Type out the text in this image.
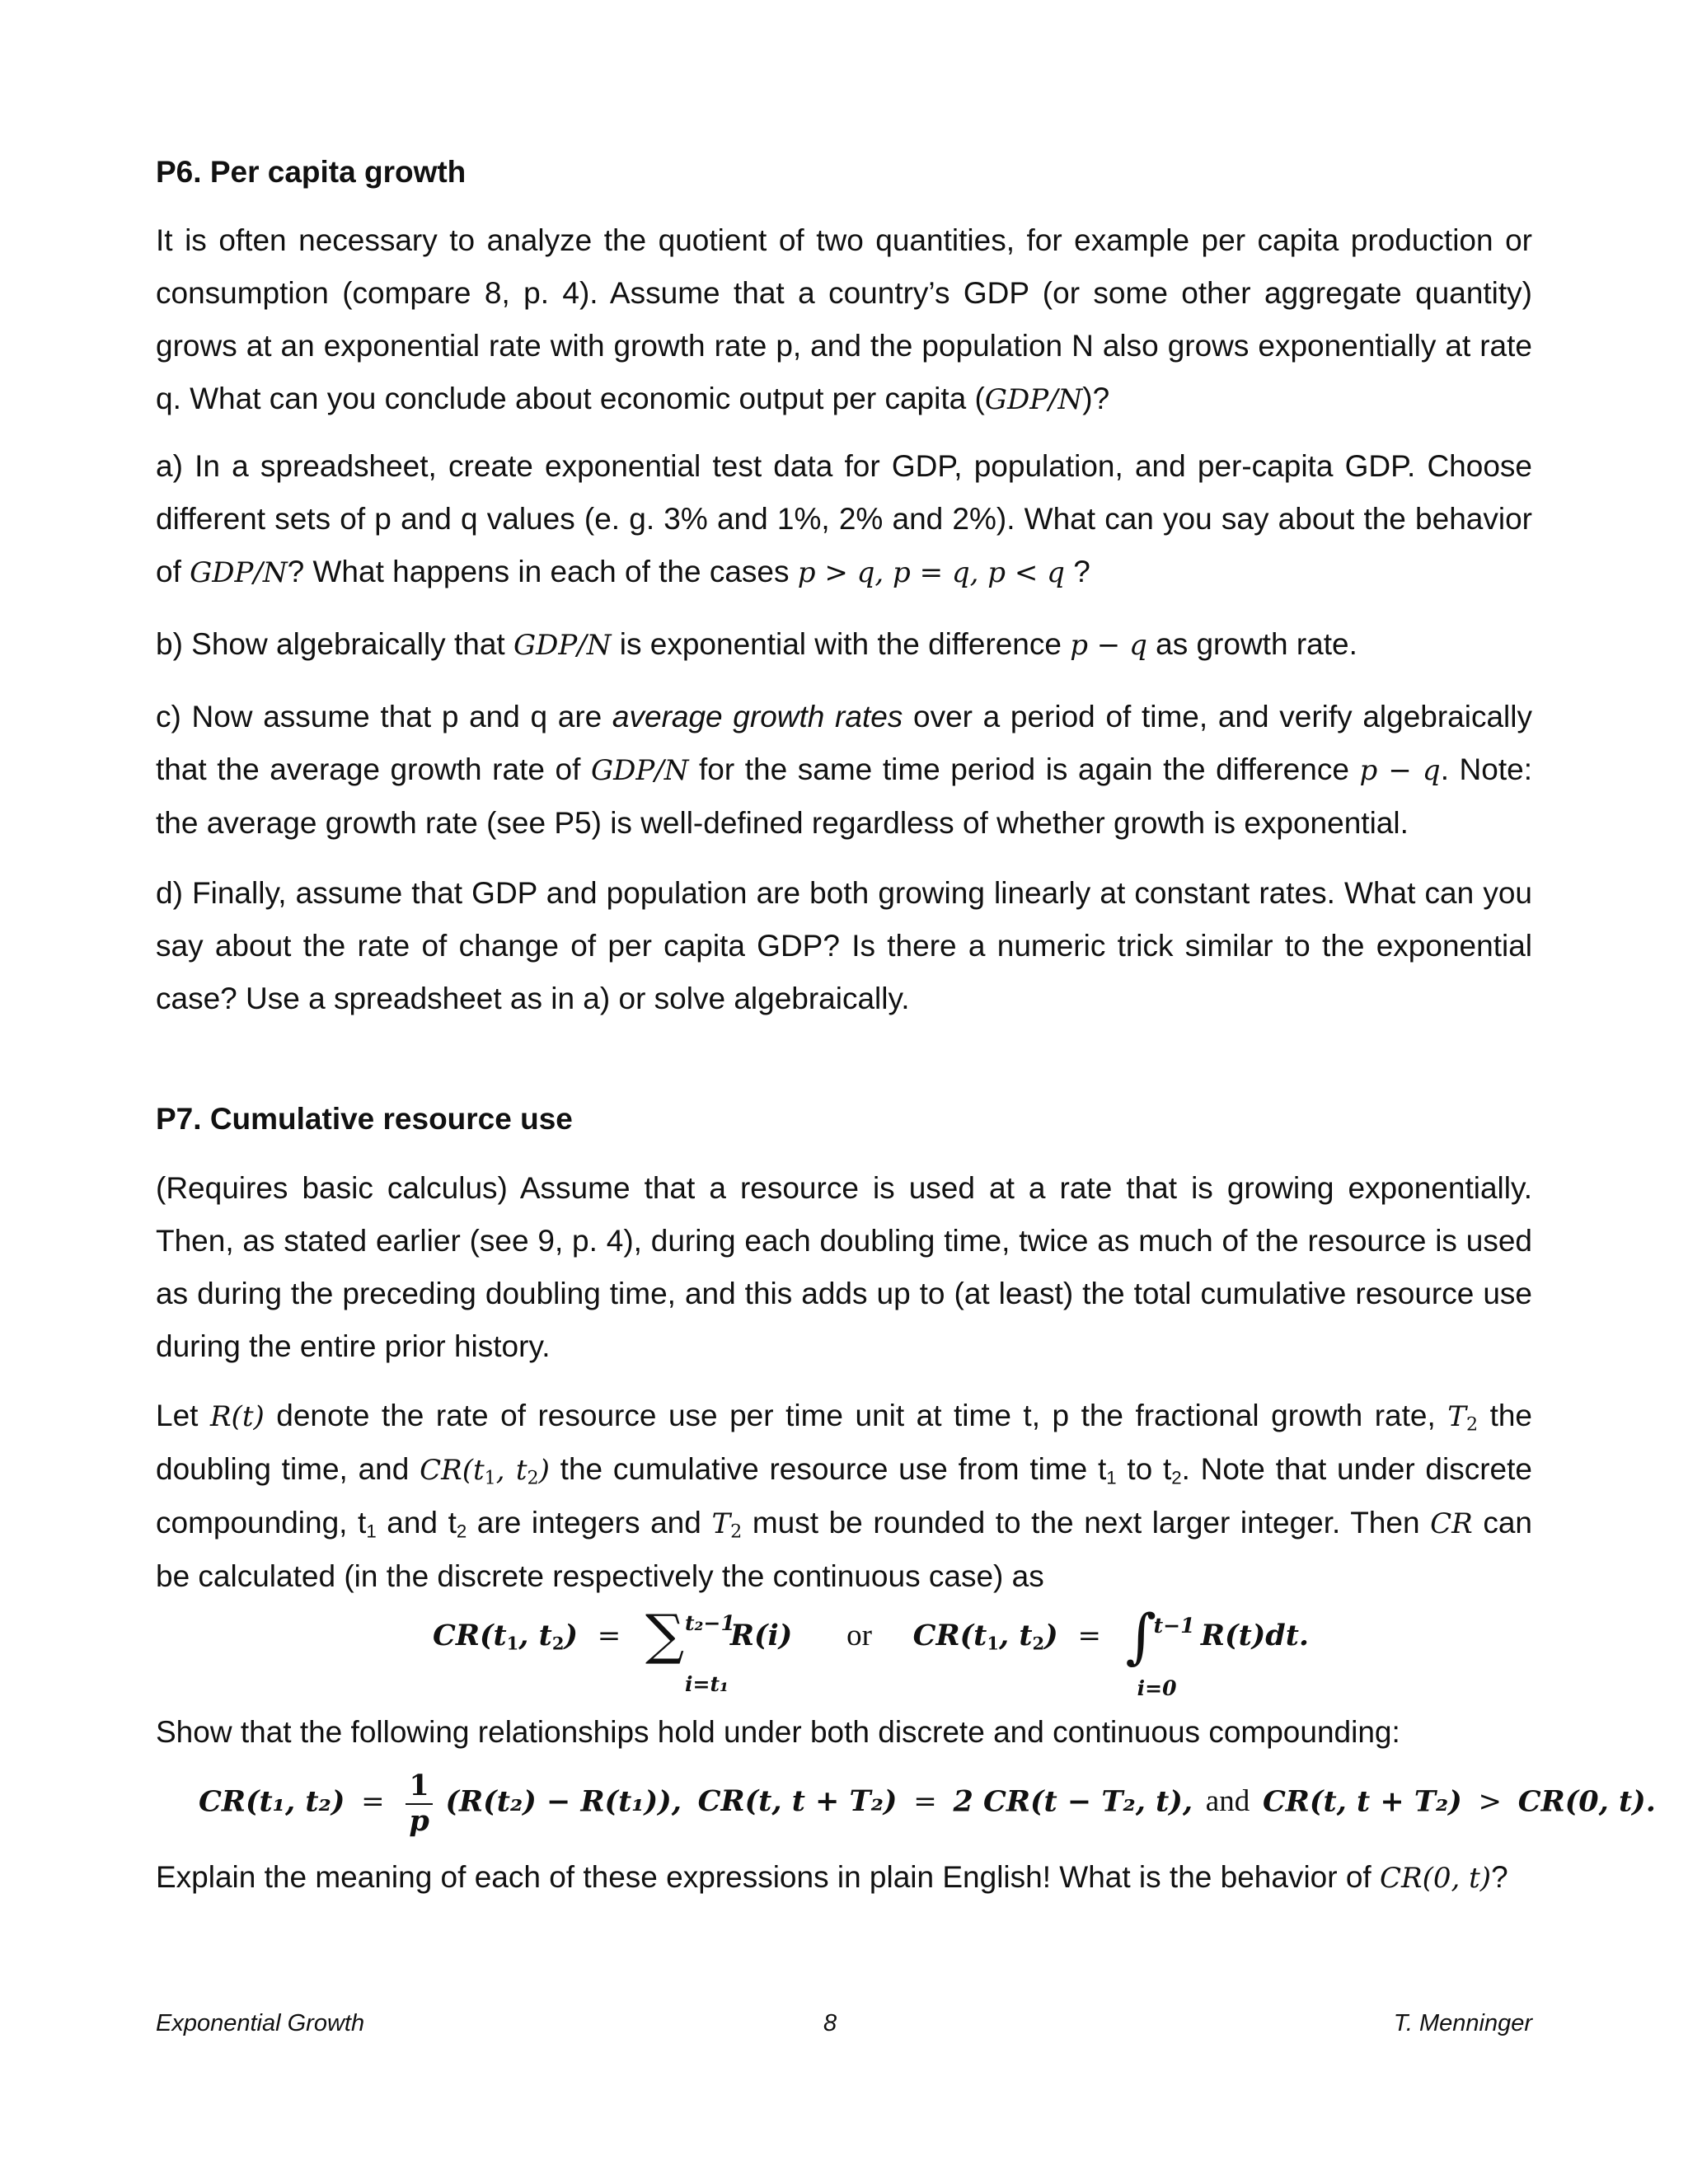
P6. Per capita growth
It is often necessary to analyze the quotient of two quantities, for example per capita production or consumption (compare 8, p. 4). Assume that a country’s GDP (or some other aggregate quantity) grows at an exponential rate with growth rate p, and the population N also grows exponentially at rate q. What can you conclude about economic output per capita (GDP/N)?
a) In a spreadsheet, create exponential test data for GDP, population, and per-capita GDP. Choose different sets of p and q values (e. g. 3% and 1%, 2% and 2%). What can you say about the behavior of GDP/N? What happens in each of the cases p > q, p = q, p < q ?
b) Show algebraically that GDP/N is exponential with the difference p − q as growth rate.
c) Now assume that p and q are average growth rates over a period of time, and verify algebraically that the average growth rate of GDP/N for the same time period is again the difference p − q. Note: the average growth rate (see P5) is well-defined regardless of whether growth is exponential.
d) Finally, assume that GDP and population are both growing linearly at constant rates. What can you say about the rate of change of per capita GDP? Is there a numeric trick similar to the exponential case? Use a spreadsheet as in a) or solve algebraically.
P7. Cumulative resource use
(Requires basic calculus) Assume that a resource is used at a rate that is growing exponentially. Then, as stated earlier (see 9, p. 4), during each doubling time, twice as much of the resource is used as during the preceding doubling time, and this adds up to (at least) the total cumulative resource use during the entire prior history.
Let R(t) denote the rate of resource use per time unit at time t, p the fractional growth rate, $T_2$ the doubling time, and $CR(t_1$, $t_2$) the cumulative resource use from time $t_1$ to $t_2$. Note that under discrete compounding, $t_1$ and $t_2$ are integers and $T_2$ must be rounded to the next larger integer. Then CR can be calculated (in the discrete respectively the continuous case) as
$CR(t_1$, $t_2$) = ∑ t₂−1
i=t₁
R(i) or $CR(t_1$, $t_2$) = ∫
t−1
i=0
R(t)dt.
Show that the following relationships hold under both discrete and continuous compounding:
CR(t₁, $t_2) = \frac{1}{p} (R(t_2) - R(t_1))$, CR(t, t + T₂) = 2 CR(t − T₂, t), and CR(t, t + T₂) > CR(0, t).
Explain the meaning of each of these expressions in plain English! What is the behavior of CR(0, t)?
Exponential Growth	8	T. Menninger
